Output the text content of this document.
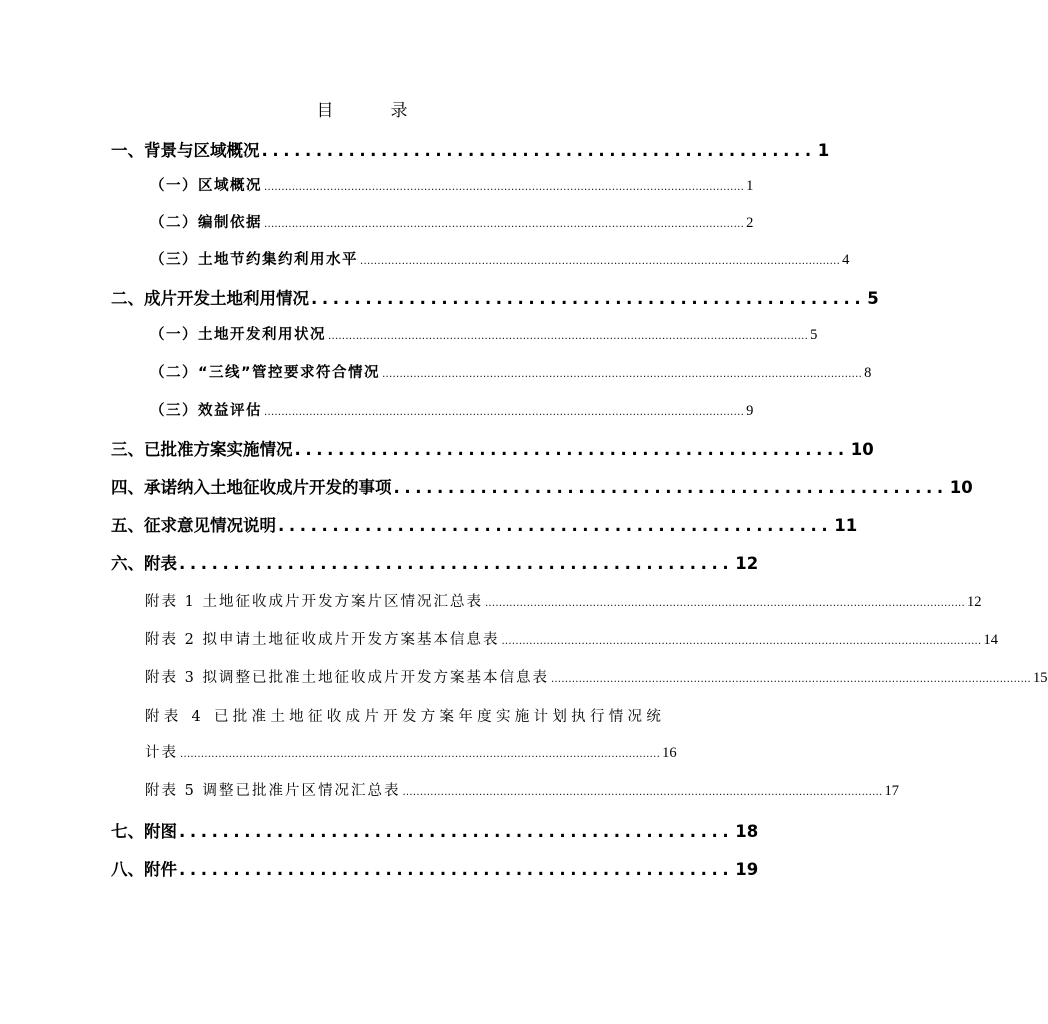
目　录
一、背景与区域概况 ................................................... 1
（一）区域概况 .......................................................................................................................................... 1
（二）编制依据 .......................................................................................................................................... 2
（三）土地节约集约利用水平 .......................................................................................................................................... 4
二、成片开发土地利用情况 ................................................... 5
（一）土地开发利用状况 .......................................................................................................................................... 5
（二）“三线”管控要求符合情况 .......................................................................................................................................... 8
（三）效益评估 .......................................................................................................................................... 9
三、已批准方案实施情况 ................................................... 10
四、承诺纳入土地征收成片开发的事项 ................................................... 10
五、征求意见情况说明 ................................................... 11
六、附表 ................................................... 12
附表 1 土地征收成片开发方案片区情况汇总表 .......................................................................................................................................... 12
附表 2 拟申请土地征收成片开发方案基本信息表 .......................................................................................................................................... 14
附表 3 拟调整已批准土地征收成片开发方案基本信息表 .......................................................................................................................................... 15
附表 4 已批准土地征收成片开发方案年度实施计划执行情况统
计表 .......................................................................................................................................... 16
附表 5 调整已批准片区情况汇总表 .......................................................................................................................................... 17
七、附图 ................................................... 18
八、附件 ................................................... 19
